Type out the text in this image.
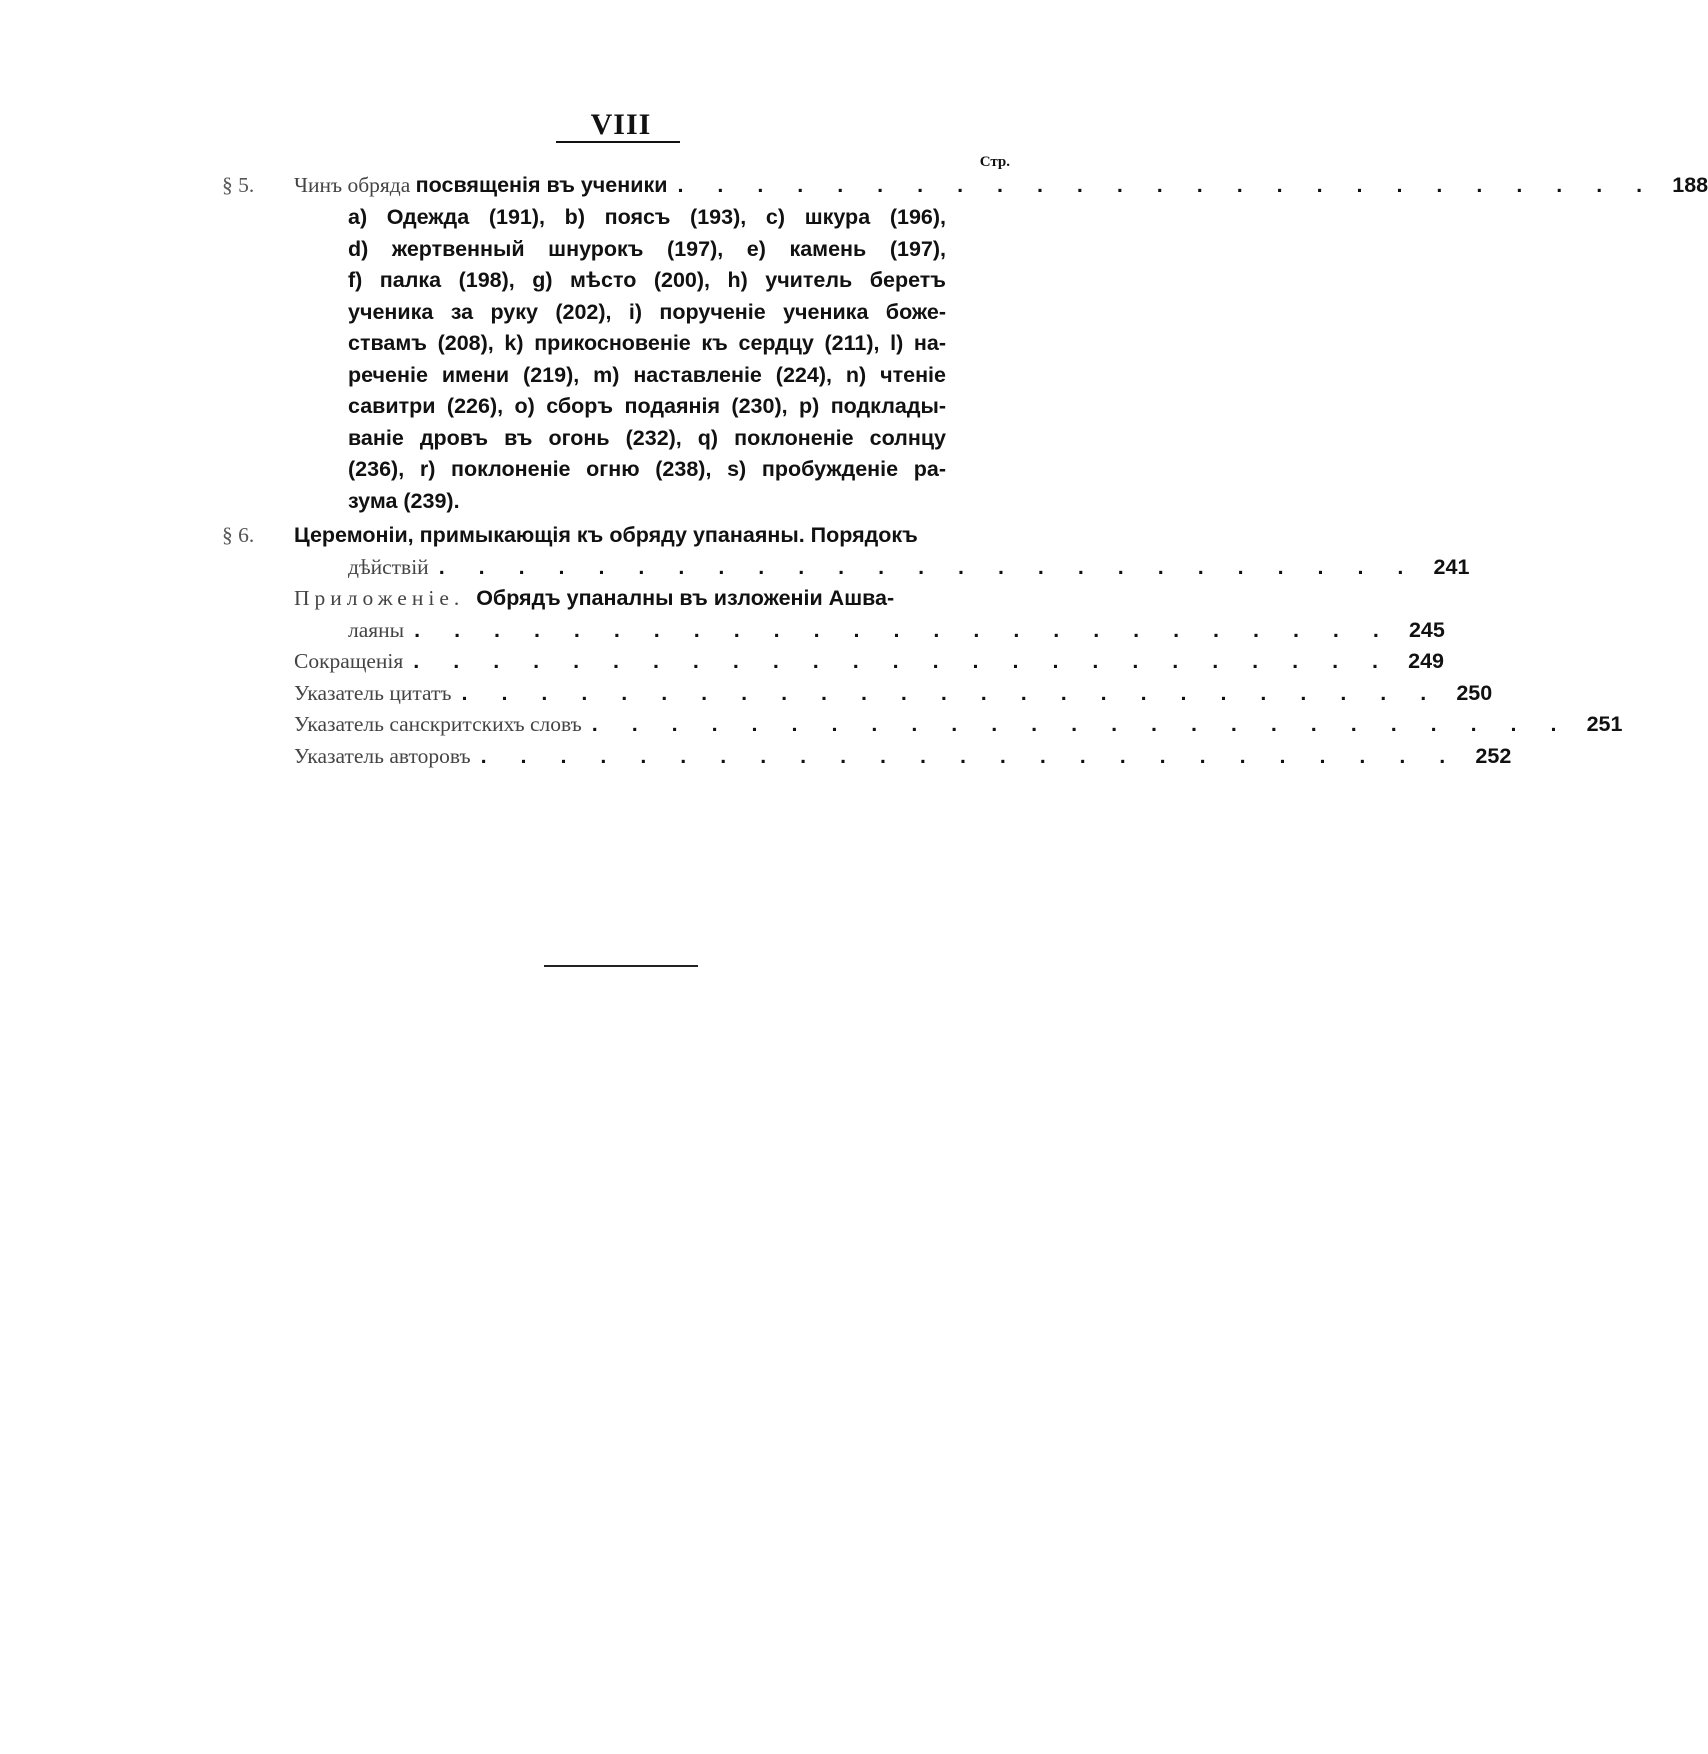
VIII
Стр.
§ 5.	Чинъ обряда посвященія въ ученики . . . . . . . . . . . . . . . . . . . . . . . . . 188
а) Одежда (191), b) поясъ (193), c) шкура (196),
d) жертвенный шнурокъ (197), e) камень (197),
f) палка (198), g) мѣсто (200), h) учитель беретъ
ученика за руку (202), i) порученіе ученика боже-
ствамъ (208), k) прикосновеніе къ сердцу (211), l) на-
реченіе имени (219), m) наставленіе (224), n) чтеніе
савитри (226), o) сборъ подаянія (230), p) подклады-
ваніе дровъ въ огонь (232), q) поклоненіе солнцу
(236), r) поклоненіе огню (238), s) пробужденіе ра-
зума (239).
§ 6.	Церемоніи, примыкающія къ обряду упанаяны. Порядокъ
дѣйствій . . . . . . . . . . . . . . . . . . . . . . . . . 241
Приложеніе. Обрядъ упаналны въ изложеніи Ашва-
лаяны . . . . . . . . . . . . . . . . . . . . . . . . . 245
Сокращенія . . . . . . . . . . . . . . . . . . . . . . . . . 249
Указатель цитатъ . . . . . . . . . . . . . . . . . . . . . . . . . 250
Указатель санскритскихъ словъ . . . . . . . . . . . . . . . . . . . . . . . . . 251
Указатель авторовъ . . . . . . . . . . . . . . . . . . . . . . . . . 252
